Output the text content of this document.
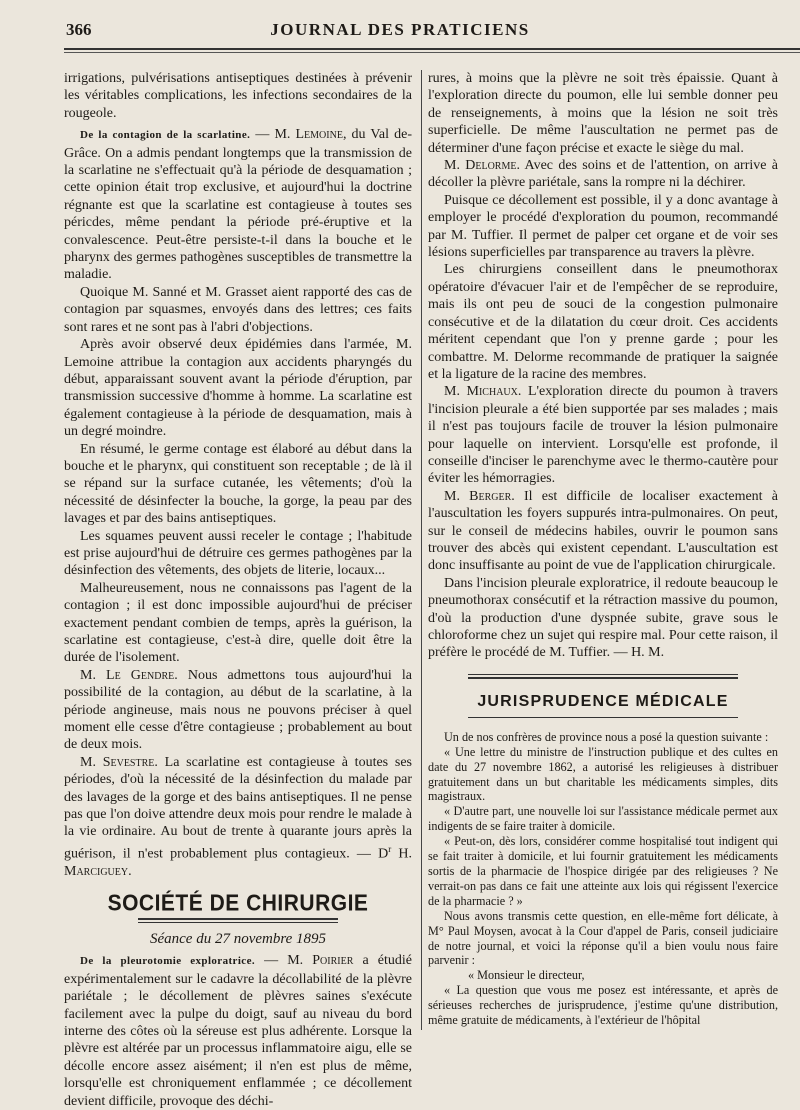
366	JOURNAL DES PRATICIENS

irrigations, pulvérisations antiseptiques destinées à prévenir les véritables complications, les infections secondaires de la rougeole.

De la contagion de la scarlatine. — M. Lemoine, du Val de-Grâce. On a admis pendant longtemps que la transmission de la scarlatine ne s'effectuait qu'à la période de desquamation ; cette opinion était trop exclusive, et aujourd'hui la doctrine régnante est que la scarlatine est contagieuse à toutes ses péricdes, même pendant la période pré-éruptive et la convalescence. Peut-être persiste-t-il dans la bouche et le pharynx des germes pathogènes susceptibles de transmettre la maladie.

Quoique M. Sanné et M. Grasset aient rapporté des cas de contagion par squasmes, envoyés dans des lettres; ces faits sont rares et ne sont pas à l'abri d'objections.

Après avoir observé deux épidémies dans l'armée, M. Lemoine attribue la contagion aux accidents pharyngés du début, apparaissant souvent avant la période d'éruption, par transmission successive d'homme à homme. La scarlatine est également contagieuse à la période de desquamation, mais à un degré moindre.

En résumé, le germe contage est élaboré au début dans la bouche et le pharynx, qui constituent son receptable ; de là il se répand sur la surface cutanée, les vêtements; d'où la nécessité de désinfecter la bouche, la gorge, la peau par des lavages et par des bains antiseptiques.

Les squames peuvent aussi receler le contage ; l'habitude est prise aujourd'hui de détruire ces germes pathogènes par la désinfection des vêtements, des objets de literie, locaux...

Malheureusement, nous ne connaissons pas l'agent de la contagion ; il est donc impossible aujourd'hui de préciser exactement pendant combien de temps, après la guérison, la scarlatine est contagieuse, c'est-à dire, quelle doit être la durée de l'isolement.

M. Le Gendre. Nous admettons tous aujourd'hui la possibilité de la contagion, au début de la scarlatine, à la période angineuse, mais nous ne pouvons préciser à quel moment elle cesse d'être contagieuse ; probablement au bout de deux mois.

M. Sevestre. La scarlatine est contagieuse à toutes ses périodes, d'où la nécessité de la désinfection du malade par des lavages de la gorge et des bains antiseptiques. Il ne pense pas que l'on doive attendre deux mois pour rendre le malade à la vie ordinaire. Au bout de trente à quarante jours après la guérison, il n'est probablement plus contagieux. — $D^r$ H. Marciguey.

SOCIÉTÉ DE CHIRURGIE
Séance du 27 novembre 1895

De la pleurotomie exploratrice. — M. Poirier a étudié expérimentalement sur le cadavre la décollabilité de la plèvre pariétale ; le décollement de plèvres saines s'exécute facilement avec la pulpe du doigt, sauf au niveau du bord interne des côtes où la séreuse est plus adhérente. Lorsque la plèvre est altérée par un processus inflammatoire aigu, elle se décolle encore assez aisément; il n'en est plus de même, lorsqu'elle est chroniquement enflammée ; ce décollement devient difficile, provoque des déchi-

rures, à moins que la plèvre ne soit très épaissie. Quant à l'exploration directe du poumon, elle lui semble donner peu de renseignements, à moins que la lésion ne soit très superficielle. De même l'auscultation ne permet pas de déterminer d'une façon précise et exacte le siège du mal.

M. Delorme. Avec des soins et de l'attention, on arrive à décoller la plèvre pariétale, sans la rompre ni la déchirer.

Puisque ce décollement est possible, il y a donc avantage à employer le procédé d'exploration du poumon, recommandé par M. Tuffier. Il permet de palper cet organe et de voir ses lésions superficielles par transparence au travers la plèvre.

Les chirurgiens conseillent dans le pneumothorax opératoire d'évacuer l'air et de l'empêcher de se reproduire, mais ils ont peu de souci de la congestion pulmonaire consécutive et de la dilatation du cœur droit. Ces accidents méritent cependant que l'on y prenne garde ; pour les combattre. M. Delorme recommande de pratiquer la saignée et la ligature de la racine des membres.

M. Michaux. L'exploration directe du poumon à travers l'incision pleurale a été bien supportée par ses malades ; mais il n'est pas toujours facile de trouver la lésion pulmonaire pour laquelle on intervient. Lorsqu'elle est profonde, il conseille d'inciser le parenchyme avec le thermo-cautère pour éviter les hémorragies.

M. Berger. Il est difficile de localiser exactement à l'auscultation les foyers suppurés intra-pulmonaires. On peut, sur le conseil de médecins habiles, ouvrir le poumon sans trouver des abcès qui existent cependant. L'auscultation est donc insuffisante au point de vue de l'application chirurgicale.

Dans l'incision pleurale exploratrice, il redoute beaucoup le pneumothorax consécutif et la rétraction massive du poumon, d'où la production d'une dyspnée subite, grave sous le chloroforme chez un sujet qui respire mal. Pour cette raison, il préfère le procédé de M. Tuffier. — H. M.

JURISPRUDENCE MÉDICALE

Un de nos confrères de province nous a posé la question suivante :

« Une lettre du ministre de l'instruction publique et des cultes en date du 27 novembre 1862, a autorisé les religieuses à distribuer gratuitement dans un but charitable les médicaments simples, dits magistraux.

« D'autre part, une nouvelle loi sur l'assistance médicale permet aux indigents de se faire traiter à domicile.

« Peut-on, dès lors, considérer comme hospitalisé tout indigent qui se fait traiter à domicile, et lui fournir gratuitement les médicaments sortis de la pharmacie de l'hospice dirigée par des religieuses ? Ne verrait-on pas dans ce fait une atteinte aux lois qui régissent l'exercice de la pharmacie ? »

Nous avons transmis cette question, en elle-même fort délicate, à M° Paul Moysen, avocat à la Cour d'appel de Paris, conseil judiciaire de notre journal, et voici la réponse qu'il a bien voulu nous faire parvenir :

« Monsieur le directeur,

« La question que vous me posez est intéressante, et après de sérieuses recherches de jurisprudence, j'estime qu'une distribution, même gratuite de médicaments, à l'extérieur de l'hôpital
